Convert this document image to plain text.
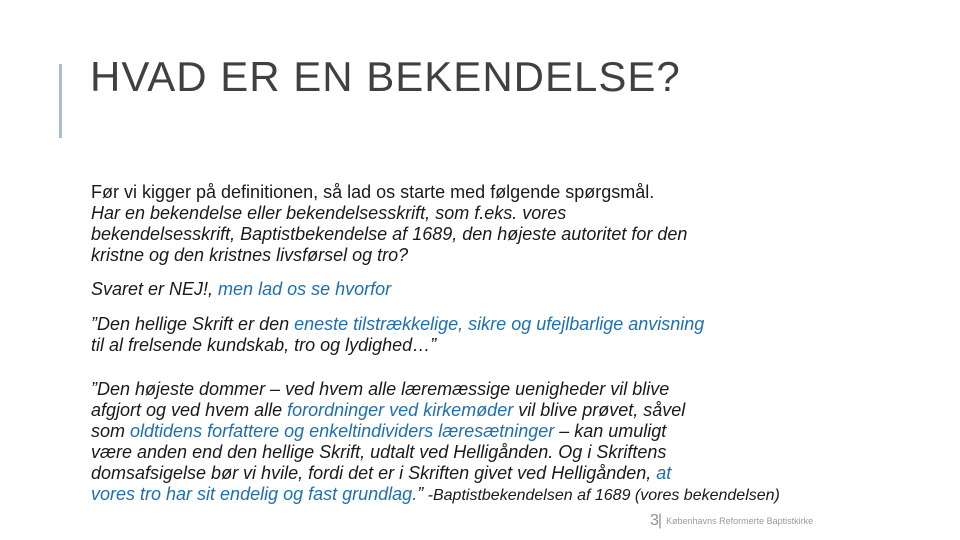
HVAD ER EN BEKENDELSE?

Før vi kigger på definitionen, så lad os starte med følgende spørgsmål.
Har en bekendelse eller bekendelsesskrift, som f.eks. vores
bekendelsesskrift, Baptistbekendelse af 1689, den højeste autoritet for den
kristne og den kristnes livsførsel og tro?

Svaret er NEJ!, men lad os se hvorfor

”Den hellige Skrift er den eneste tilstrækkelige, sikre og ufejlbarlige anvisning
til al frelsende kundskab, tro og lydighed…”

”Den højeste dommer – ved hvem alle læremæssige uenigheder vil blive
afgjort og ved hvem alle forordninger ved kirkemøder vil blive prøvet, såvel
som oldtidens forfattere og enkeltindividers læresætninger – kan umuligt
være anden end den hellige Skrift, udtalt ved Helligånden. Og i Skriftens
domsafsigelse bør vi hvile, fordi det er i Skriften givet ved Helligånden, at
vores tro har sit endelig og fast grundlag.” -Baptistbekendelsen af 1689 (vores bekendelsen)

3| Københavns Reformerte Baptistkirke
